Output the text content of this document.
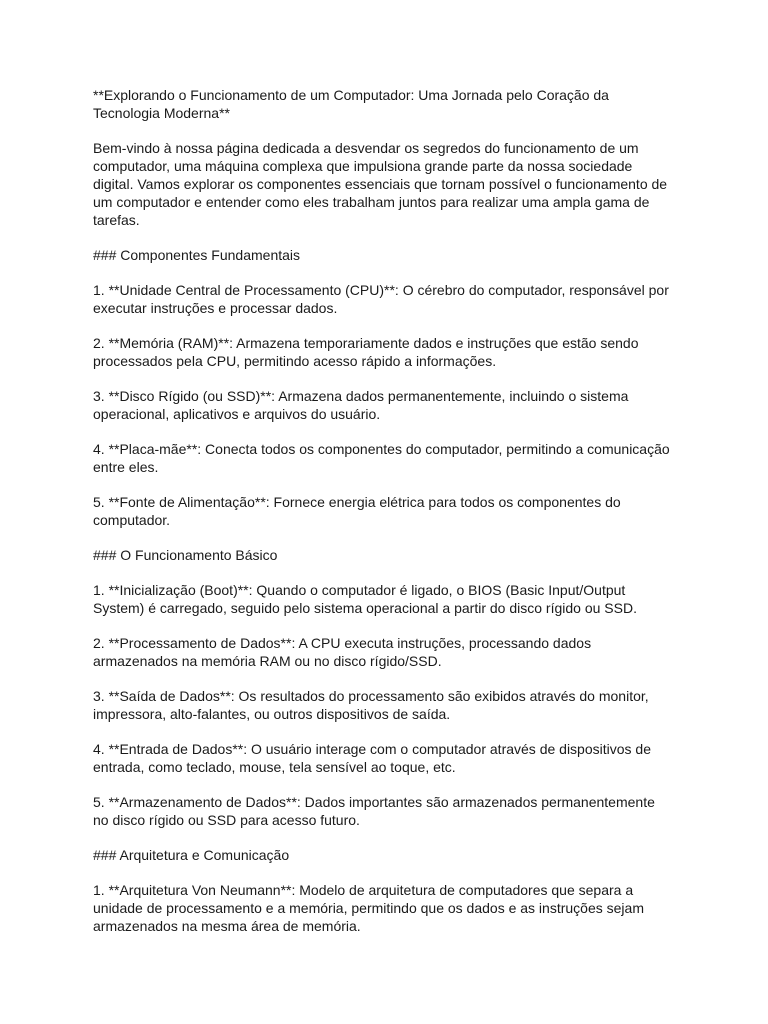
**Explorando o Funcionamento de um Computador: Uma Jornada pelo Coração da Tecnologia Moderna**

Bem-vindo à nossa página dedicada a desvendar os segredos do funcionamento de um computador, uma máquina complexa que impulsiona grande parte da nossa sociedade digital. Vamos explorar os componentes essenciais que tornam possível o funcionamento de um computador e entender como eles trabalham juntos para realizar uma ampla gama de tarefas.

### Componentes Fundamentais

1. **Unidade Central de Processamento (CPU)**: O cérebro do computador, responsável por executar instruções e processar dados.

2. **Memória (RAM)**: Armazena temporariamente dados e instruções que estão sendo processados pela CPU, permitindo acesso rápido a informações.

3. **Disco Rígido (ou SSD)**: Armazena dados permanentemente, incluindo o sistema operacional, aplicativos e arquivos do usuário.

4. **Placa-mãe**: Conecta todos os componentes do computador, permitindo a comunicação entre eles.

5. **Fonte de Alimentação**: Fornece energia elétrica para todos os componentes do computador.

### O Funcionamento Básico

1. **Inicialização (Boot)**: Quando o computador é ligado, o BIOS (Basic Input/Output System) é carregado, seguido pelo sistema operacional a partir do disco rígido ou SSD.

2. **Processamento de Dados**: A CPU executa instruções, processando dados armazenados na memória RAM ou no disco rígido/SSD.

3. **Saída de Dados**: Os resultados do processamento são exibidos através do monitor, impressora, alto-falantes, ou outros dispositivos de saída.

4. **Entrada de Dados**: O usuário interage com o computador através de dispositivos de entrada, como teclado, mouse, tela sensível ao toque, etc.

5. **Armazenamento de Dados**: Dados importantes são armazenados permanentemente no disco rígido ou SSD para acesso futuro.

### Arquitetura e Comunicação

1. **Arquitetura Von Neumann**: Modelo de arquitetura de computadores que separa a unidade de processamento e a memória, permitindo que os dados e as instruções sejam armazenados na mesma área de memória.
